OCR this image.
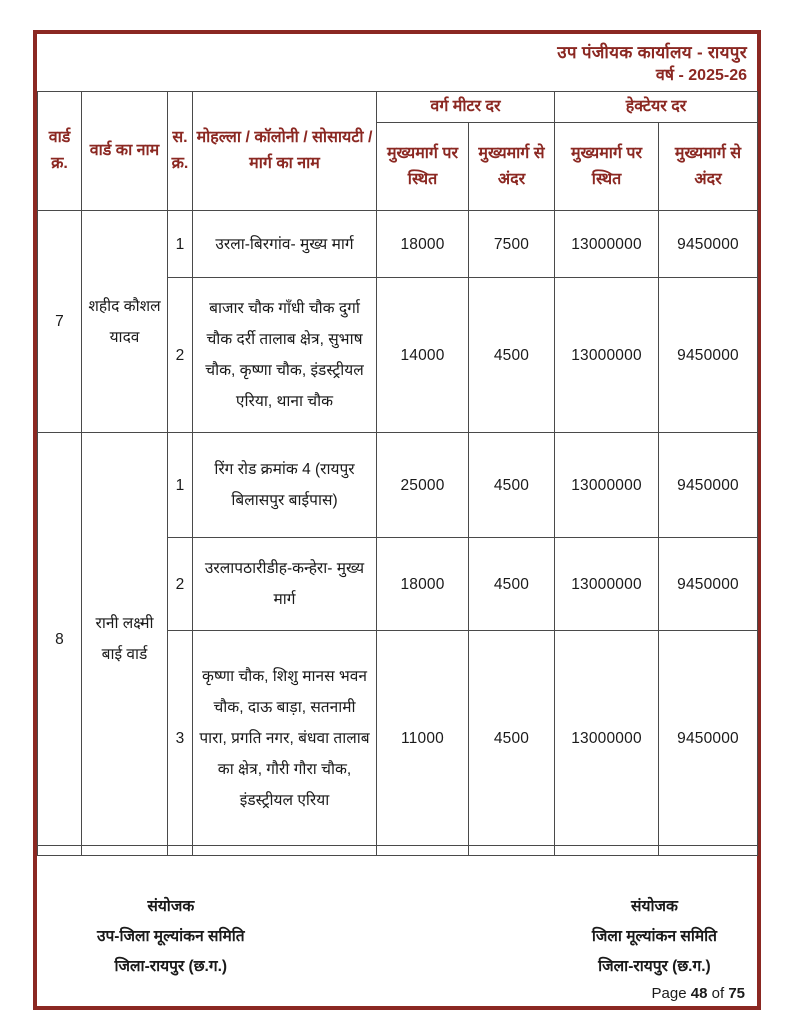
उप पंजीयक कार्यालय - रायपुर
वर्ष - 2025-26
वार्ड क्र.	वार्ड का नाम	स.क्र.	मोहल्ला / कॉलोनी / सोसायटी / मार्ग का नाम	वर्ग मीटर दर		हेक्टेयर दर	
				मुख्यमार्ग पर स्थित	मुख्यमार्ग से अंदर	मुख्यमार्ग पर स्थित	मुख्यमार्ग से अंदर
7	शहीद कौशल यादव	1	उरला-बिरगांव- मुख्य मार्ग	18000	7500	13000000	9450000
		2	बाजार चौक गाँधी चौक दुर्गा चौक दर्री तालाब क्षेत्र, सुभाष चौक, कृष्णा चौक, इंडस्ट्रीयल एरिया, थाना चौक	14000	4500	13000000	9450000
8	रानी लक्ष्मी बाई वार्ड	1	रिंग रोड क्रमांक 4 (रायपुर बिलासपुर बाईपास)	25000	4500	13000000	9450000
		2	उरलापठारीडीह-कन्हेरा- मुख्य मार्ग	18000	4500	13000000	9450000
		3	कृष्णा चौक, शिशु मानस भवन चौक, दाऊ बाड़ा, सतनामी पारा, प्रगति नगर, बंधवा तालाब का क्षेत्र, गौरी गौरा चौक, इंडस्ट्रीयल एरिया	11000	4500	13000000	9450000

संयोजक
उप-जिला मूल्यांकन समिति
जिला-रायपुर (छ.ग.)
संयोजक
जिला मूल्यांकन समिति
जिला-रायपुर (छ.ग.)
Page 48 of 75
